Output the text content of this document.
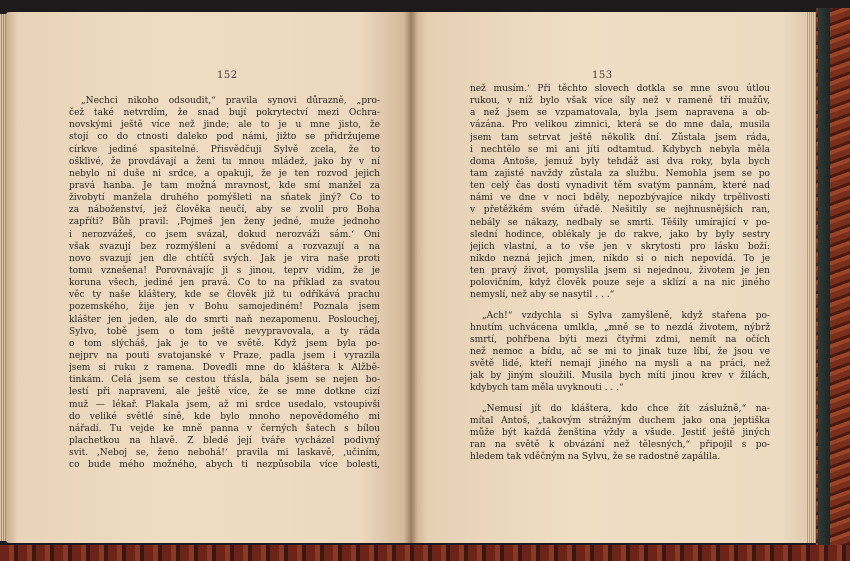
152
„Nechci nikoho odsoudit,“ pravila synovi důrazně, „pro-
čež také netvrdím, že snad bují pokrytectví mezi Ochra-
novskými ještě více než jinde; ale to je u mne jisto, že
stojí co do ctnosti daleko pod námi, jižto se přidržujeme
církve jediné spasitelné. Přisvědčuji Sylvě zcela, že to
ošklivé, že provdávají a ženi tu mnou mládež, jako by v ní
nebylo ni duše ni srdce, a opakuji, že je ten rozvod jejich
pravá hanba. Je tam možná mravnost, kde smí manžel za
živobytí manžela druhého pomýšleti na sňatek jiný? Co to
za náboženství, jež člověka neučí, aby se zvolil pro Boha
zapříti? Bůh pravil: ‚Pojmeš jen ženy jedné, muže jednoho
i nerozvážeš, co jsem svázal, dokud nerozváži sám.‘ Oni
však svazují bez rozmýšlení a svědomí a rozvazují a na
novo svazují jen dle chtíčů svých. Jak je vira naše proti
tomu vznešena! Porovnávajíc ji s jinou, teprv vidím, že je
koruna všech, jediné jen pravá. Co to na příklad za svatou
věc ty naše kláštery, kde se člověk již tu odříkává prachu
pozemského, žije jen v Bohu samojediném! Poznala jsem
klášter jen jeden, ale do smrti naň nezapomenu. Poslouchej,
Sylvo, tobě jsem o tom ještě nevypravovala, a ty ráda
o tom slýcháš, jak je to ve světě. Když jsem byla po-
nejprv na pouti svatojanské v Praze, padla jsem i vyrazila
jsem si ruku z ramena. Dovedli mne do kláštera k Alžbě-
tinkám. Celá jsem se cestou třásla, bála jsem se nejen bo-
lestí při napravení, ale ještě více, že se mne dotkne cizí
muž — lékař. Plakala jsem, až mi srdce usedalo, vstoupivši
do veliké světlé síně, kde bylo mnoho nepovědomého mi
nářadí. Tu vejde ke mně panna v černých šatech s bílou
plachetkou na hlavě. Z bledé její tváře vycházel podivný
svit. ‚Neboj se, ženo nebohá!‘ pravila mi laskavě, ‚učiním,
co bude mého možného, abych ti nezpůsobila více bolesti,
153
než musím.‘ Při těchto slovech dotkla se mne svou útlou
rukou, v níž bylo však více síly než v rameně tří mužův,
a než jsem se vzpamatovala, byla jsem napravena a ob-
vázána. Pro velikou zimnici, která se do mne dala, musila
jsem tam setrvat ještě několik dní. Zůstala jsem ráda,
i nechtělo se mi ani jíti odtamtud. Kdybych nebyla měla
doma Antoše, jemuž byly tehdáž asi dva roky, byla bych
tam zajisté navždy zůstala za službu. Nemohla jsem se po
ten celý čas dosti vynadivit těm svatým pannám, které nad
námi ve dne v noci bděly, nepozbývajíce nikdy trpělivosti
v přetěžkém svém úřadě. Nešitily se nejhnusnějších ran,
nebály se nákazy, nedbaly se smrti. Těšily umírající v po-
slední hodince, oblékaly je do rakve, jako by byly sestry
jejich vlastní, a to vše jen v skrytosti pro lásku boží:
nikdo nezná jejich jmen, nikdo si o nich nepovídá. To je
ten pravý život, pomyslila jsem si nejednou, životem je jen
polovičním, když člověk pouze seje a sklízí a na nic jiného
nemyslí, než aby se nasytil . . .“
„Ach!“ vzdychla si Sylva zamyšleně, když stařena po-
hnutím uchvácena umlkla, „mně se to nezdá životem, nýbrž
smrtí, pohřbena býti mezi čtyřmi zdmi, nemít na očích
než nemoc a bídu, ač se mi to jinak tuze líbí, že jsou ve
světě lidé, kteří nemají jiného na mysli a na práci, než
jak by jiným sloužili. Musila bych míti jinou krev v žilách,
kdybych tam měla uvyknouti . . .“
„Nemusí jít do kláštera, kdo chce žít záslužně,“ na-
mítal Antoš, „takovým strážným duchem jako ona jeptiška
může být každá ženština vždy a všude. Jestiť ještě jiných
ran na světě k obvázání než tělesných,“ připojil s po-
hledem tak vděčným na Sylvu, že se radostně zapálila.
